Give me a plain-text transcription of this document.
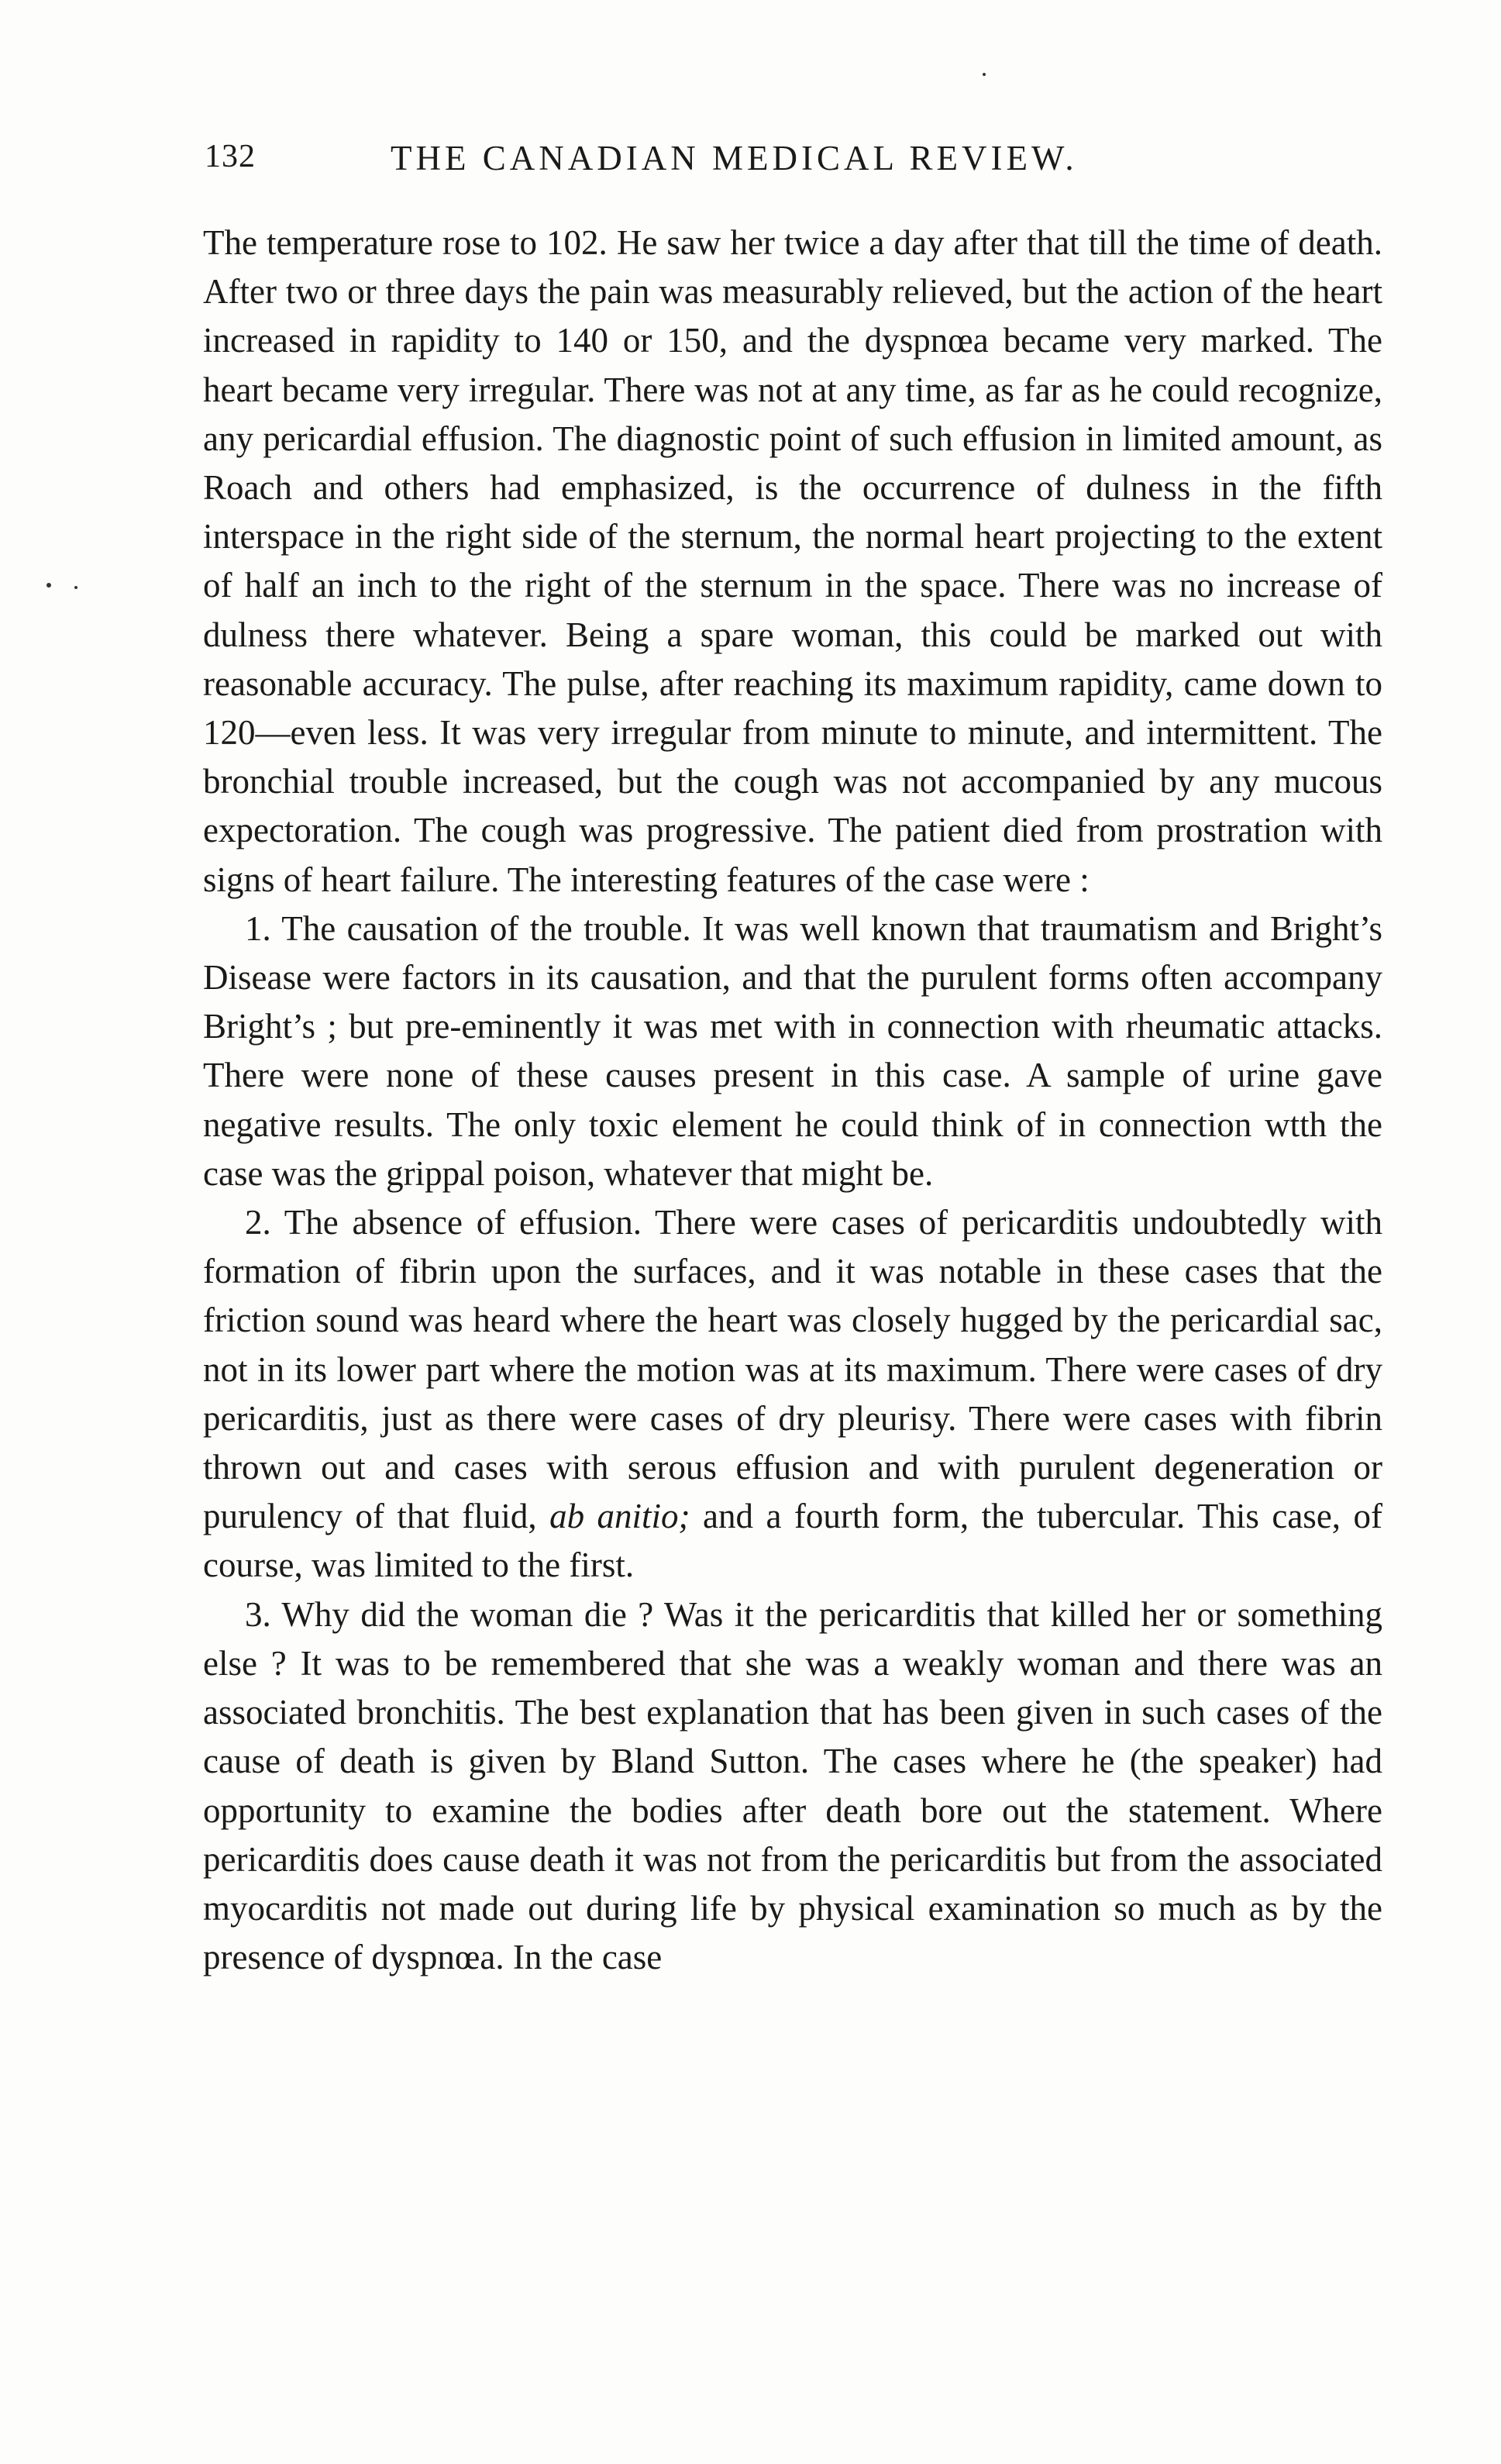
132	THE CANADIAN MEDICAL REVIEW.

The temperature rose to 102. He saw her twice a day after that till the time of death. After two or three days the pain was measurably relieved, but the action of the heart increased in rapidity to 140 or 150, and the dyspnœa became very marked. The heart became very irregular. There was not at any time, as far as he could recognize, any pericardial effusion. The diagnostic point of such effusion in limited amount, as Roach and others had emphasized, is the occurrence of dulness in the fifth interspace in the right side of the sternum, the normal heart projecting to the extent of half an inch to the right of the sternum in the space. There was no increase of dulness there whatever. Being a spare woman, this could be marked out with reasonable accuracy. The pulse, after reaching its maximum rapidity, came down to 120—even less. It was very irregular from minute to minute, and intermittent. The bronchial trouble increased, but the cough was not accompanied by any mucous expectoration. The cough was progressive. The patient died from prostration with signs of heart failure. The interesting features of the case were :

1. The causation of the trouble. It was well known that traumatism and Bright’s Disease were factors in its causation, and that the purulent forms often accompany Bright’s ; but pre-eminently it was met with in connection with rheumatic attacks. There were none of these causes present in this case. A sample of urine gave negative results. The only toxic element he could think of in connection wtth the case was the grippal poison, whatever that might be.

2. The absence of effusion. There were cases of pericarditis undoubtedly with formation of fibrin upon the surfaces, and it was notable in these cases that the friction sound was heard where the heart was closely hugged by the pericardial sac, not in its lower part where the motion was at its maximum. There were cases of dry pericarditis, just as there were cases of dry pleurisy. There were cases with fibrin thrown out and cases with serous effusion and with purulent degeneration or purulency of that fluid, ab anitio; and a fourth form, the tubercular. This case, of course, was limited to the first.

3. Why did the woman die ? Was it the pericarditis that killed her or something else ? It was to be remembered that she was a weakly woman and there was an associated bronchitis. The best explanation that has been given in such cases of the cause of death is given by Bland Sutton. The cases where he (the speaker) had opportunity to examine the bodies after death bore out the statement. Where pericarditis does cause death it was not from the pericarditis but from the associated myocarditis not made out during life by physical examination so much as by the presence of dyspnœa. In the case
